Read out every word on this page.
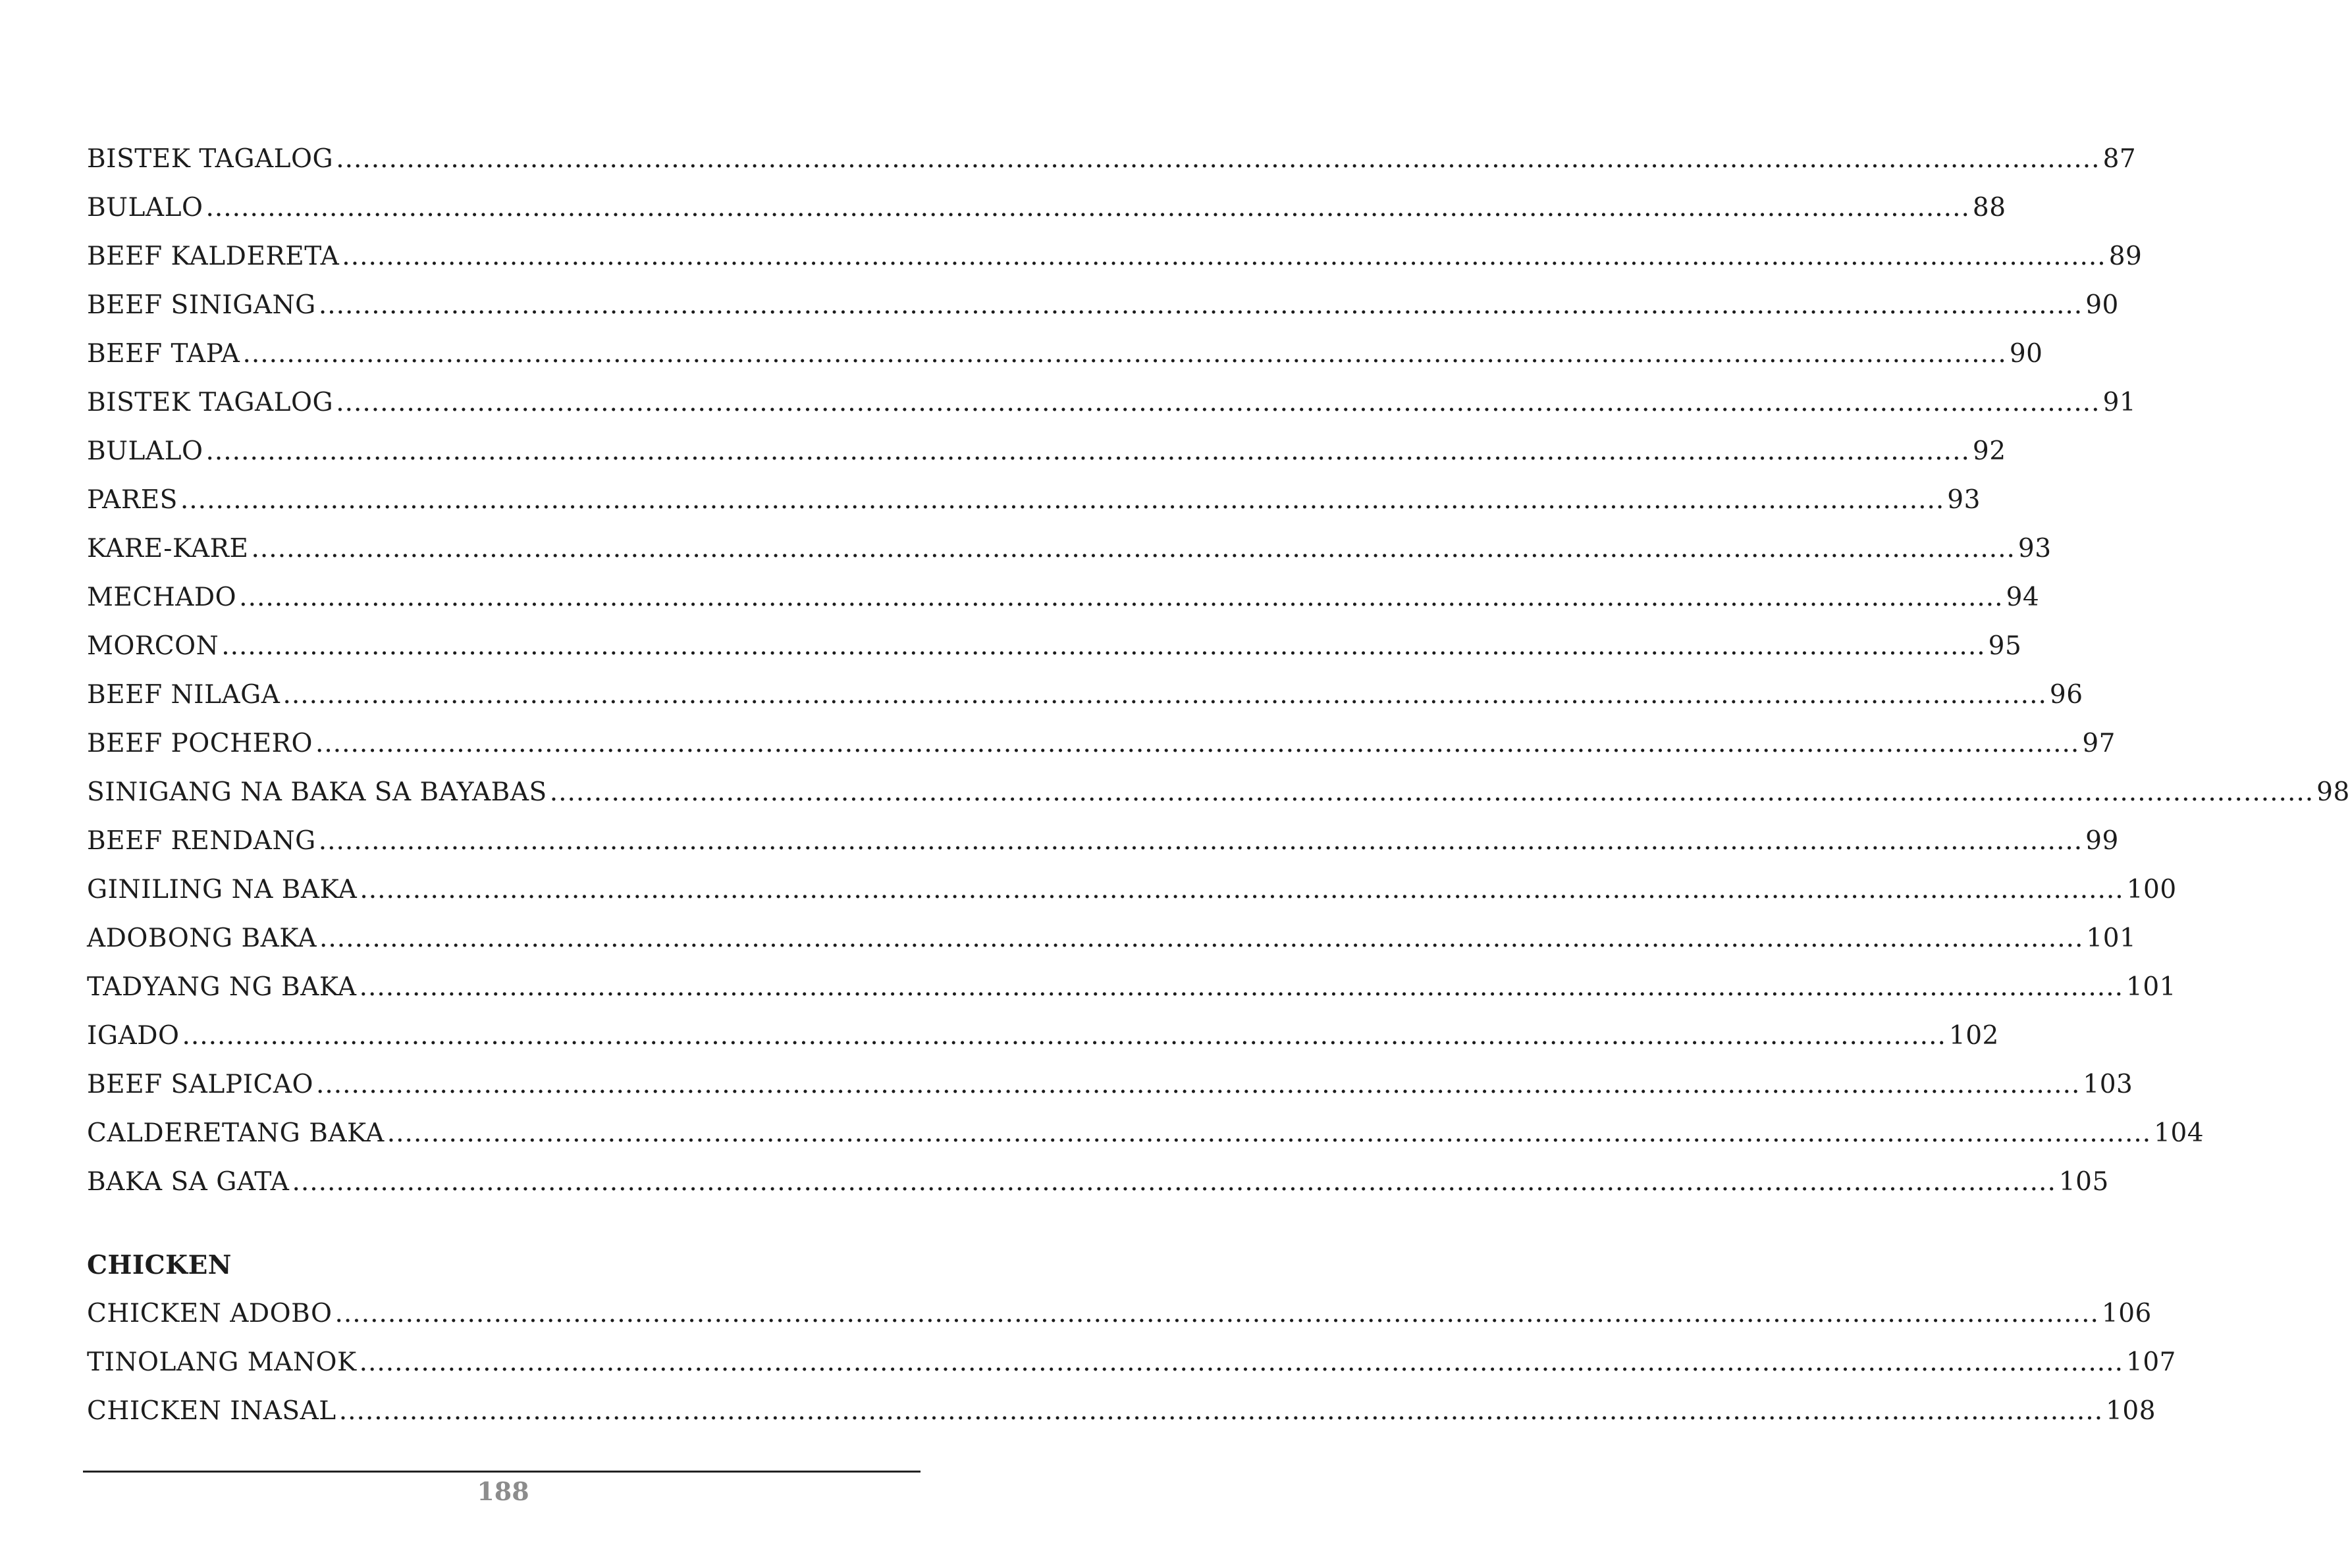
BISTEK TAGALOG ........................................................................................................................................................................................................ 87
BULALO ........................................................................................................................................................................................................ 88
BEEF KALDERETA ........................................................................................................................................................................................................ 89
BEEF SINIGANG ........................................................................................................................................................................................................ 90
BEEF TAPA ........................................................................................................................................................................................................ 90
BISTEK TAGALOG ........................................................................................................................................................................................................ 91
BULALO ........................................................................................................................................................................................................ 92
PARES ........................................................................................................................................................................................................ 93
KARE-KARE ........................................................................................................................................................................................................ 93
MECHADO ........................................................................................................................................................................................................ 94
MORCON ........................................................................................................................................................................................................ 95
BEEF NILAGA ........................................................................................................................................................................................................ 96
BEEF POCHERO ........................................................................................................................................................................................................ 97
SINIGANG NA BAKA SA BAYABAS ........................................................................................................................................................................................................ 98
BEEF RENDANG ........................................................................................................................................................................................................ 99
GINILING NA BAKA ........................................................................................................................................................................................................ 100
ADOBONG BAKA ........................................................................................................................................................................................................ 101
TADYANG NG BAKA ........................................................................................................................................................................................................ 101
IGADO ........................................................................................................................................................................................................ 102
BEEF SALPICAO ........................................................................................................................................................................................................ 103
CALDERETANG BAKA ........................................................................................................................................................................................................ 104
BAKA SA GATA ........................................................................................................................................................................................................ 105
CHICKEN
CHICKEN ADOBO ........................................................................................................................................................................................................ 106
TINOLANG MANOK ........................................................................................................................................................................................................ 107
CHICKEN INASAL ........................................................................................................................................................................................................ 108
188
